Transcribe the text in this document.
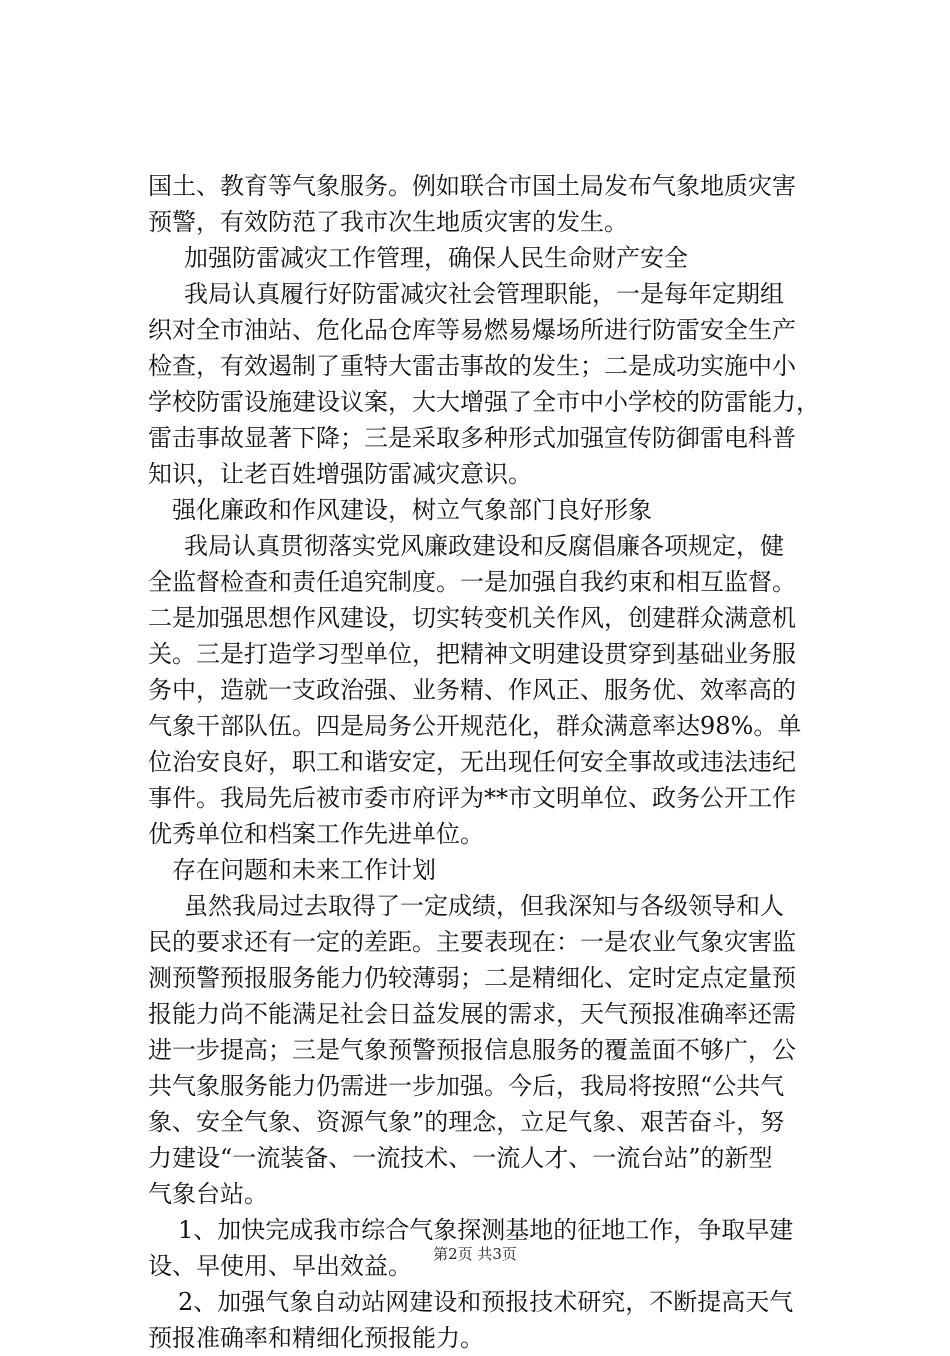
国土、教育等气象服务。例如联合市国土局发布气象地质灾害
预警，有效防范了我市次生地质灾害的发生。
加强防雷减灾工作管理，确保人民生命财产安全
我局认真履行好防雷减灾社会管理职能，一是每年定期组
织对全市油站、危化品仓库等易燃易爆场所进行防雷安全生产
检查，有效遏制了重特大雷击事故的发生；二是成功实施中小
学校防雷设施建设议案，大大增强了全市中小学校的防雷能力，
雷击事故显著下降；三是采取多种形式加强宣传防御雷电科普
知识，让老百姓增强防雷减灾意识。
强化廉政和作风建设，树立气象部门良好形象
我局认真贯彻落实党风廉政建设和反腐倡廉各项规定，健
全监督检查和责任追究制度。一是加强自我约束和相互监督。
二是加强思想作风建设，切实转变机关作风，创建群众满意机
关。三是打造学习型单位，把精神文明建设贯穿到基础业务服
务中，造就一支政治强、业务精、作风正、服务优、效率高的
气象干部队伍。四是局务公开规范化，群众满意率达98%。单
位治安良好，职工和谐安定，无出现任何安全事故或违法违纪
事件。我局先后被市委市府评为**市文明单位、政务公开工作
优秀单位和档案工作先进单位。
存在问题和未来工作计划
虽然我局过去取得了一定成绩，但我深知与各级领导和人
民的要求还有一定的差距。主要表现在：一是农业气象灾害监
测预警预报服务能力仍较薄弱；二是精细化、定时定点定量预
报能力尚不能满足社会日益发展的需求，天气预报准确率还需
进一步提高；三是气象预警预报信息服务的覆盖面不够广，公
共气象服务能力仍需进一步加强。今后，我局将按照“公共气
象、安全气象、资源气象”的理念，立足气象、艰苦奋斗，努
力建设“一流装备、一流技术、一流人才、一流台站”的新型
气象台站。
1、加快完成我市综合气象探测基地的征地工作，争取早建
设、早使用、早出效益。
2、加强气象自动站网建设和预报技术研究，不断提高天气
预报准确率和精细化预报能力。
第2页 共3页
